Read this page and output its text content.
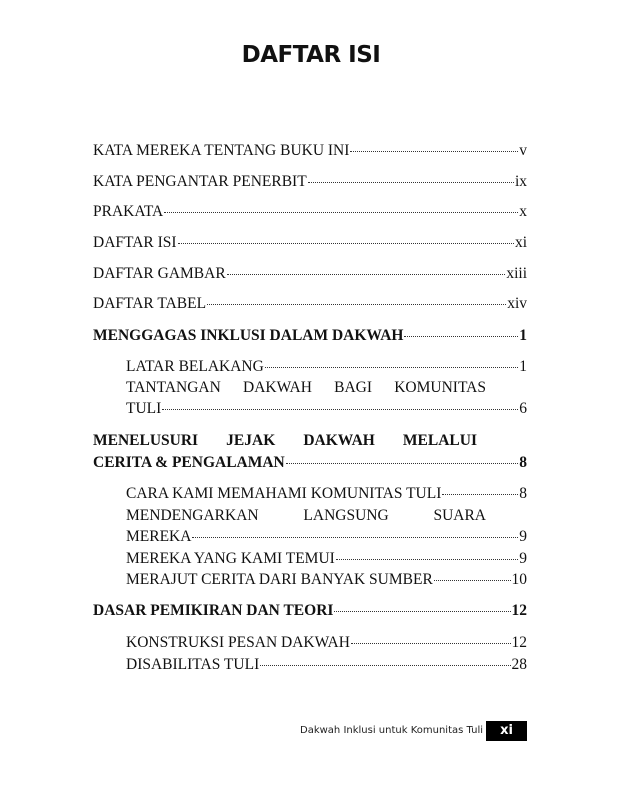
DAFTAR ISI
KATA MEREKA TENTANG BUKU INI	v
KATA PENGANTAR PENERBIT	ix
PRAKATA	x
DAFTAR ISI	xi
DAFTAR GAMBAR	xiii
DAFTAR TABEL	xiv
MENGGAGAS INKLUSI DALAM DAKWAH	1
LATAR BELAKANG	1
TANTANGAN DAKWAH BAGI KOMUNITAS
TULI	6
MENELUSURI JEJAK DAKWAH MELALUI
CERITA & PENGALAMAN	8
CARA KAMI MEMAHAMI KOMUNITAS TULI	8
MENDENGARKAN LANGSUNG SUARA
MEREKA	9
MEREKA YANG KAMI TEMUI	9
MERAJUT CERITA DARI BANYAK SUMBER	10
DASAR PEMIKIRAN DAN TEORI	12
KONSTRUKSI PESAN DAKWAH	12
DISABILITAS TULI	28
Dakwah Inklusi untuk Komunitas Tuli	xi
